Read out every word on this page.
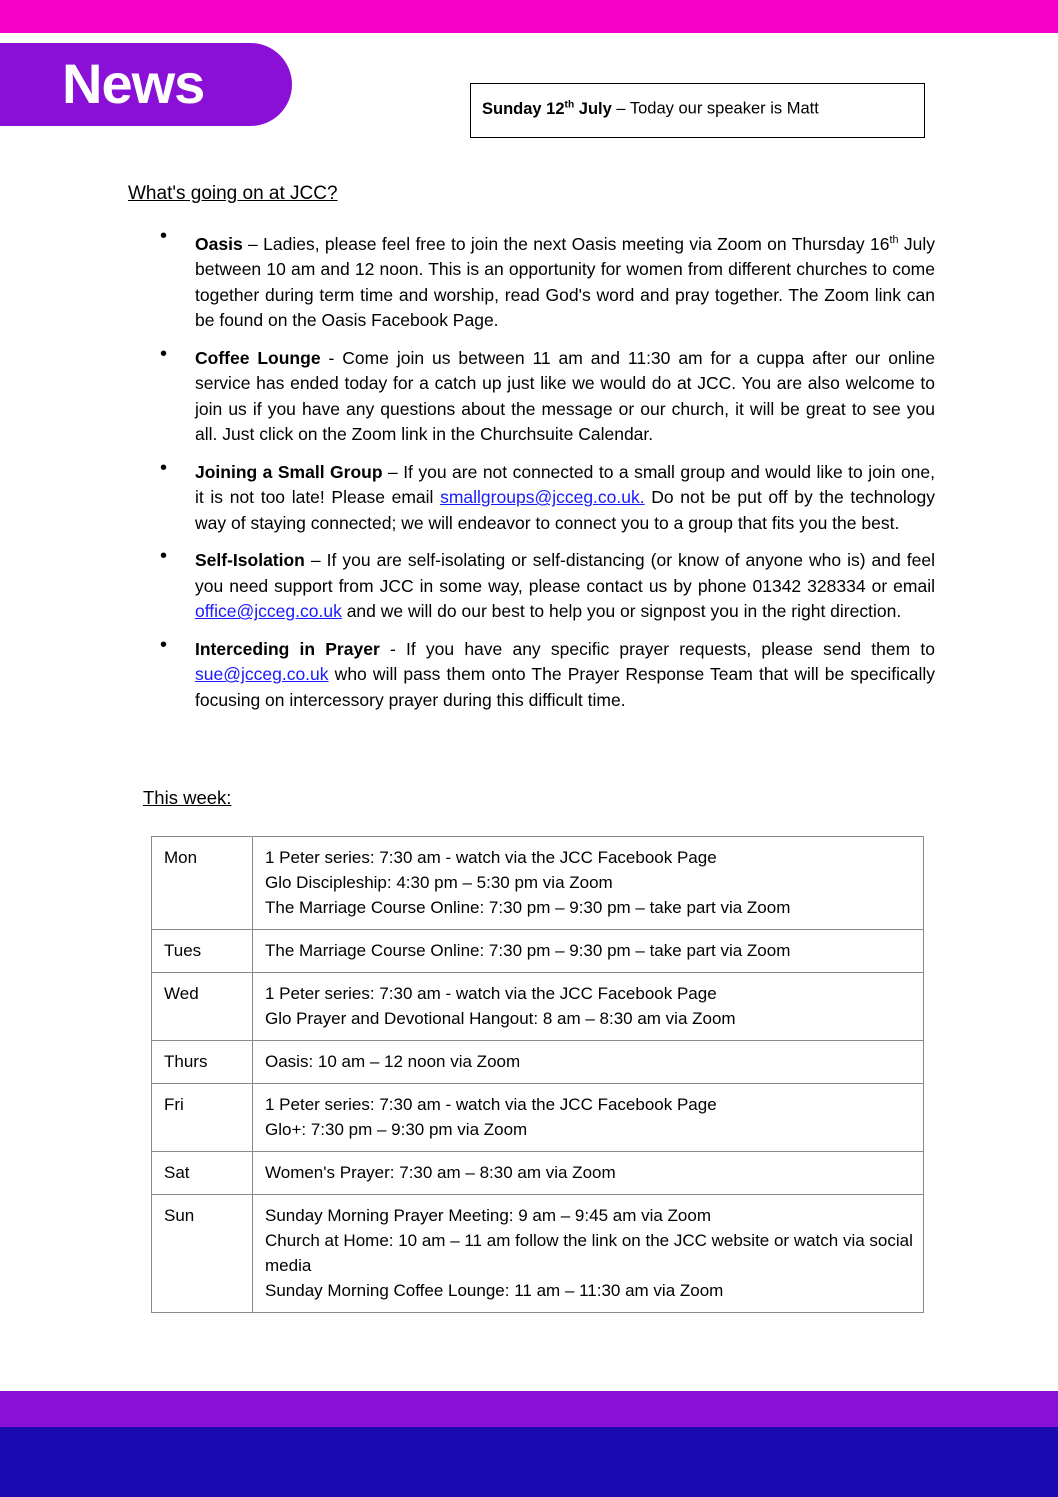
News	Sunday 12th July – Today our speaker is Matt
What's going on at JCC?
• Oasis – Ladies, please feel free to join the next Oasis meeting via Zoom on Thursday 16th July between 10 am and 12 noon. This is an opportunity for women from different churches to come together during term time and worship, read God's word and pray together. The Zoom link can be found on the Oasis Facebook Page.
• Coffee Lounge - Come join us between 11 am and 11:30 am for a cuppa after our online service has ended today for a catch up just like we would do at JCC. You are also welcome to join us if you have any questions about the message or our church, it will be great to see you all. Just click on the Zoom link in the Churchsuite Calendar.
• Joining a Small Group – If you are not connected to a small group and would like to join one, it is not too late! Please email smallgroups@jcceg.co.uk. Do not be put off by the technology way of staying connected; we will endeavor to connect you to a group that fits you the best.
• Self-Isolation – If you are self-isolating or self-distancing (or know of anyone who is) and feel you need support from JCC in some way, please contact us by phone 01342 328334 or email office@jcceg.co.uk and we will do our best to help you or signpost you in the right direction.
• Interceding in Prayer - If you have any specific prayer requests, please send them to sue@jcceg.co.uk who will pass them onto The Prayer Response Team that will be specifically focusing on intercessory prayer during this difficult time.
This week:
Mon	1 Peter series: 7:30 am - watch via the JCC Facebook Page
Glo Discipleship: 4:30 pm – 5:30 pm via Zoom
The Marriage Course Online: 7:30 pm – 9:30 pm – take part via Zoom

Tues	The Marriage Course Online: 7:30 pm – 9:30 pm – take part via Zoom

Wed	1 Peter series: 7:30 am - watch via the JCC Facebook Page
Glo Prayer and Devotional Hangout: 8 am – 8:30 am via Zoom

Thurs	Oasis: 10 am – 12 noon via Zoom

Fri	1 Peter series: 7:30 am - watch via the JCC Facebook Page
Glo+: 7:30 pm – 9:30 pm via Zoom

Sat	Women's Prayer: 7:30 am – 8:30 am via Zoom

Sun	Sunday Morning Prayer Meeting: 9 am – 9:45 am via Zoom
Church at Home: 10 am – 11 am follow the link on the JCC website or watch via social media
Sunday Morning Coffee Lounge: 11 am – 11:30 am via Zoom
